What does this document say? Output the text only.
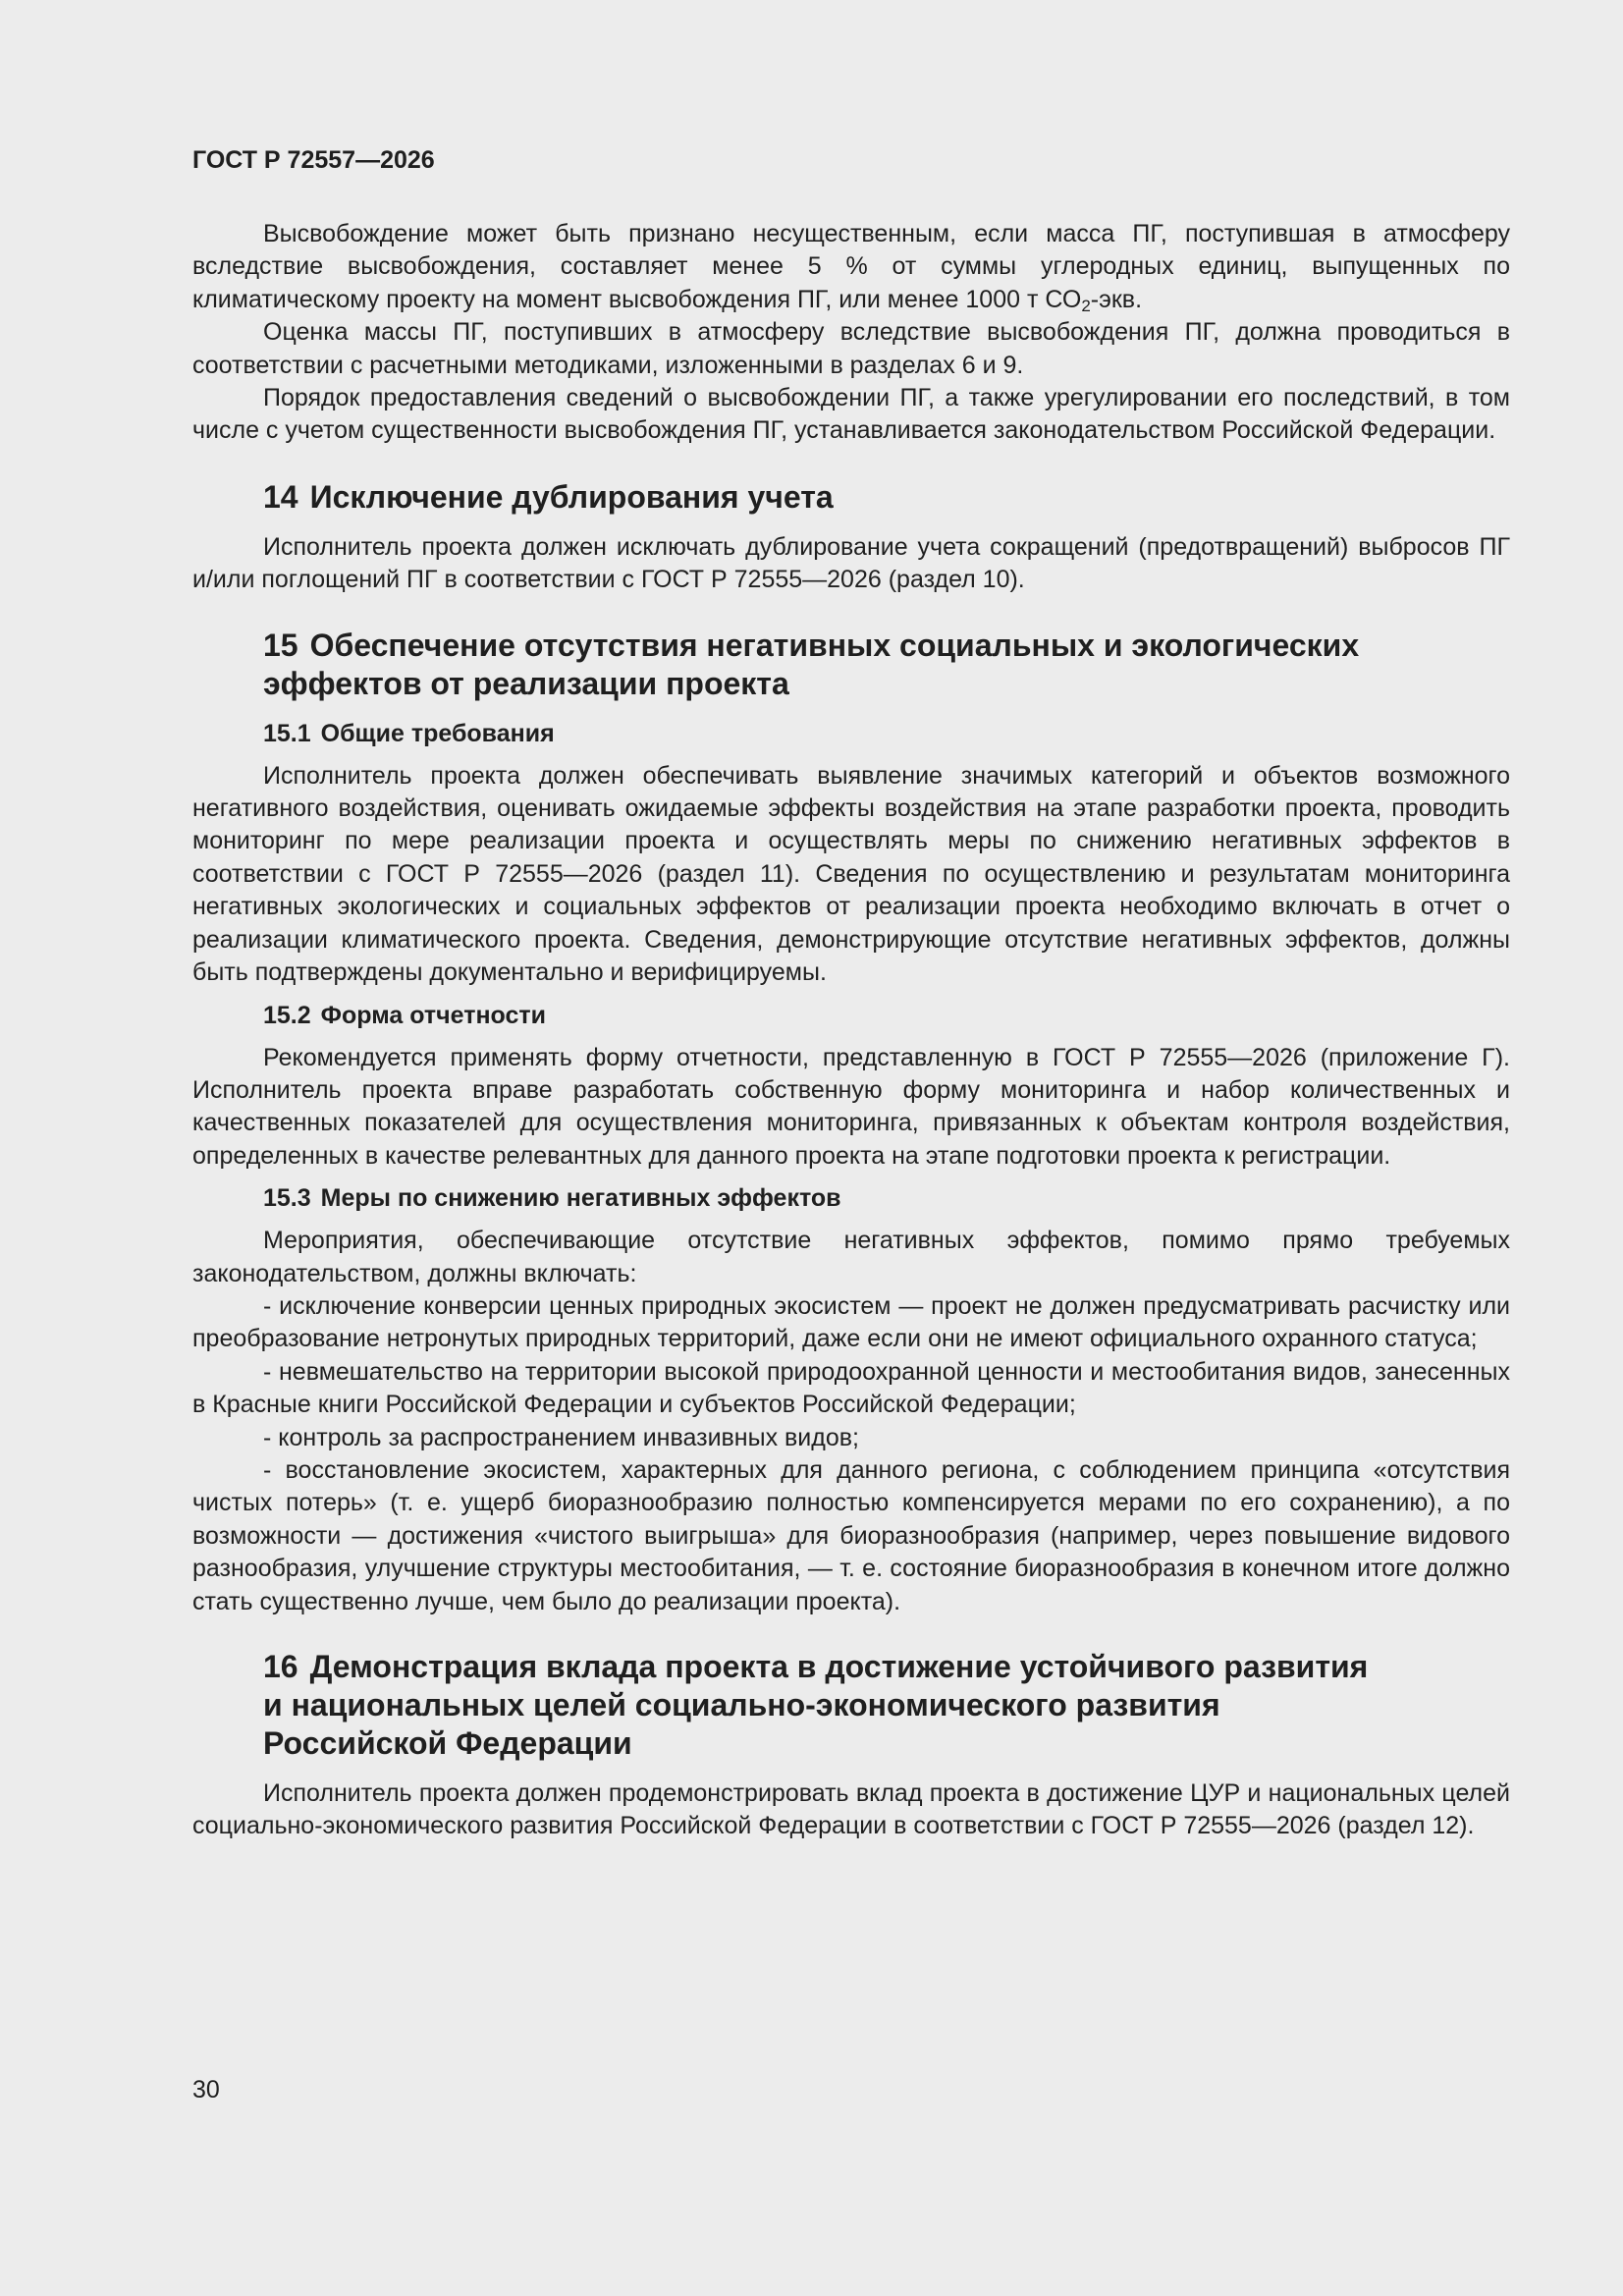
ГОСТ Р 72557—2026

Высвобождение может быть признано несущественным, если масса ПГ, поступившая в атмосферу вследствие высвобождения, составляет менее 5 % от суммы углеродных единиц, выпущенных по климатическому проекту на момент высвобождения ПГ, или менее 1000 т $СО_2$-экв.

Оценка массы ПГ, поступивших в атмосферу вследствие высвобождения ПГ, должна проводиться в соответствии с расчетными методиками, изложенными в разделах 6 и 9.

Порядок предоставления сведений о высвобождении ПГ, а также урегулировании его последствий, в том числе с учетом существенности высвобождения ПГ, устанавливается законодательством Российской Федерации.

14 Исключение дублирования учета

Исполнитель проекта должен исключать дублирование учета сокращений (предотвращений) выбросов ПГ и/или поглощений ПГ в соответствии с ГОСТ Р 72555—2026 (раздел 10).

15 Обеспечение отсутствия негативных социальных и экологических
эффектов от реализации проекта
15.1 Общие требования

Исполнитель проекта должен обеспечивать выявление значимых категорий и объектов возможного негативного воздействия, оценивать ожидаемые эффекты воздействия на этапе разработки проекта, проводить мониторинг по мере реализации проекта и осуществлять меры по снижению негативных эффектов в соответствии с ГОСТ Р 72555—2026 (раздел 11). Сведения по осуществлению и результатам мониторинга негативных экологических и социальных эффектов от реализации проекта необходимо включать в отчет о реализации климатического проекта. Сведения, демонстрирующие отсутствие негативных эффектов, должны быть подтверждены документально и верифицируемы.

15.2 Форма отчетности

Рекомендуется применять форму отчетности, представленную в ГОСТ Р 72555—2026 (приложение Г). Исполнитель проекта вправе разработать собственную форму мониторинга и набор количественных и качественных показателей для осуществления мониторинга, привязанных к объектам контроля воздействия, определенных в качестве релевантных для данного проекта на этапе подготовки проекта к регистрации.

15.3 Меры по снижению негативных эффектов

Мероприятия, обеспечивающие отсутствие негативных эффектов, помимо прямо требуемых законодательством, должны включать:

- исключение конверсии ценных природных экосистем — проект не должен предусматривать расчистку или преобразование нетронутых природных территорий, даже если они не имеют официального охранного статуса;

- невмешательство на территории высокой природоохранной ценности и местообитания видов, занесенных в Красные книги Российской Федерации и субъектов Российской Федерации;

- контроль за распространением инвазивных видов;

- восстановление экосистем, характерных для данного региона, с соблюдением принципа «отсутствия чистых потерь» (т. е. ущерб биоразнообразию полностью компенсируется мерами по его сохранению), а по возможности — достижения «чистого выигрыша» для биоразнообразия (например, через повышение видового разнообразия, улучшение структуры местообитания, — т. е. состояние биоразнообразия в конечном итоге должно стать существенно лучше, чем было до реализации проекта).

16 Демонстрация вклада проекта в достижение устойчивого развития
и национальных целей социально-экономического развития
Российской Федерации

Исполнитель проекта должен продемонстрировать вклад проекта в достижение ЦУР и национальных целей социально-экономического развития Российской Федерации в соответствии с ГОСТ Р 72555—2026 (раздел 12).

30
